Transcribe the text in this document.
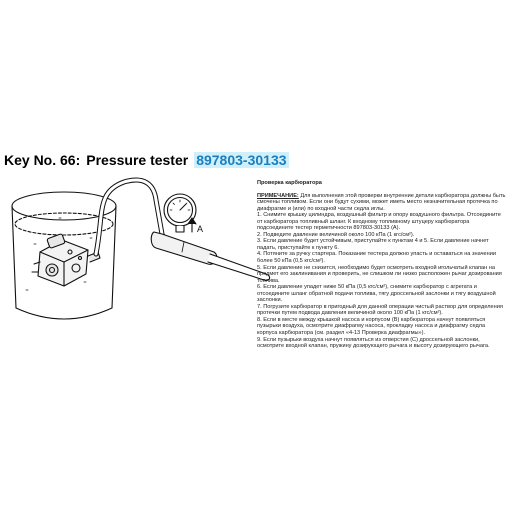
Key No. 66: Pressure tester 897803-30133
A

Проверка карбюратора

ПРИМЕЧАНИЕ: Для выполнения этой проверки внутренние детали карбюратора должны быть смочены топливом. Если они будут сухими, может иметь место незначительная протечка по диафрагме и (или) по входной части седла иглы.

1. Снимите крышку цилиндра, воздушный фильтр и опору воздушного фильтра. Отсоедините от карбюратора топливный шланг. К входному топливному штуцеру карбюратора подсоедините тестер герметичности 897803-30133 (A).

2. Подведите давление величиной около 100 кПа (1 кгс/см²).

3. Если давление будет устойчивым, приступайте к пунктам 4 и 5. Если давление начнет падать, приступайте к пункту 6.

4. Потяните за ручку стартера. Показание тестера должно упасть и оставаться на значении более 50 кПа (0,5 кгс/см²).

5. Если давление не снизится, необходимо будет осмотреть входной игольчатый клапан на предмет его заклинивания и проверить, не слишком ли низко расположен рычаг дозирования топлива.

6. Если давление упадет ниже 50 кПа (0,5 кгс/см²), снимите карбюратор с агрегата и отсоедините шланг обратной подачи топлива, тягу дроссельной заслонки и тягу воздушной заслонки.

7. Погрузите карбюратор в пригодный для данной операции чистый раствор для определения протечки путем подвода давления величиной около 100 кПа (1 кгс/см²).

8. Если в месте между крышкой насоса и корпусом (B) карбюратора начнут появляться пузырьки воздуха, осмотрите диафрагму насоса, прокладку насоса и диафрагму седла корпуса карбюратора (см. раздел «4-13 Проверка диафрагмы»).

9. Если пузырьки воздуха начнут появляться из отверстия (C) дроссельной заслонки, осмотрите входной клапан, пружину дозирующего рычага и высоту дозирующего рычага.
